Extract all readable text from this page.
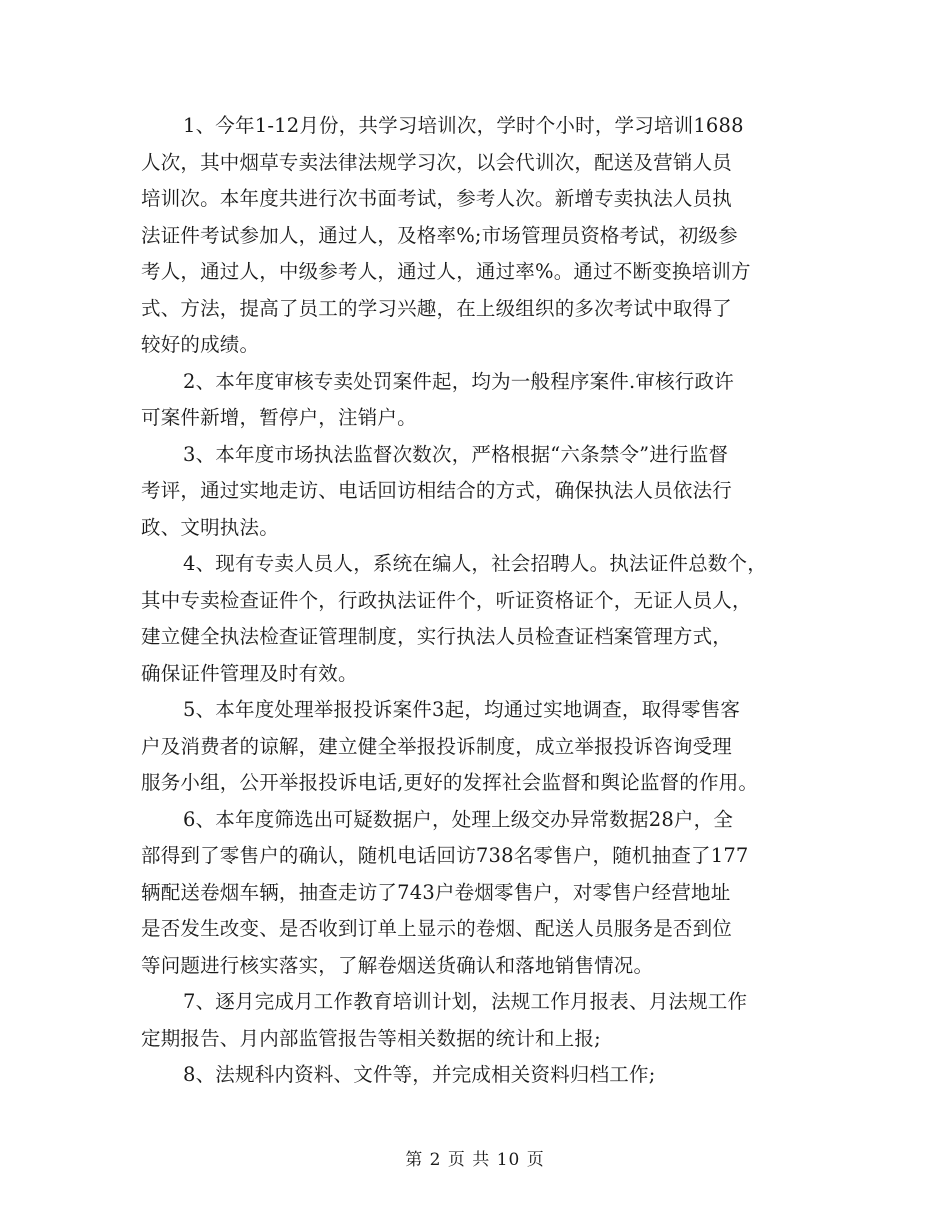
1、今年1-12月份，共学习培训次，学时个小时，学习培训1688
人次，其中烟草专卖法律法规学习次，以会代训次，配送及营销人员
培训次。本年度共进行次书面考试，参考人次。新增专卖执法人员执
法证件考试参加人，通过人，及格率%;市场管理员资格考试，初级参
考人，通过人，中级参考人，通过人，通过率%。通过不断变换培训方
式、方法，提高了员工的学习兴趣，在上级组织的多次考试中取得了
较好的成绩。
2、本年度审核专卖处罚案件起，均为一般程序案件.审核行政许
可案件新增，暂停户，注销户。
3、本年度市场执法监督次数次，严格根据“六条禁令”进行监督
考评，通过实地走访、电话回访相结合的方式，确保执法人员依法行
政、文明执法。
4、现有专卖人员人，系统在编人，社会招聘人。执法证件总数个，
其中专卖检查证件个，行政执法证件个，听证资格证个，无证人员人，
建立健全执法检查证管理制度，实行执法人员检查证档案管理方式，
确保证件管理及时有效。
5、本年度处理举报投诉案件3起，均通过实地调查，取得零售客
户及消费者的谅解，建立健全举报投诉制度，成立举报投诉咨询受理
服务小组，公开举报投诉电话,更好的发挥社会监督和舆论监督的作用。
6、本年度筛选出可疑数据户，处理上级交办异常数据28户，全
部得到了零售户的确认，随机电话回访738名零售户，随机抽查了177
辆配送卷烟车辆，抽查走访了743户卷烟零售户，对零售户经营地址
是否发生改变、是否收到订单上显示的卷烟、配送人员服务是否到位
等问题进行核实落实，了解卷烟送货确认和落地销售情况。
7、逐月完成月工作教育培训计划，法规工作月报表、月法规工作
定期报告、月内部监管报告等相关数据的统计和上报;
8、法规科内资料、文件等，并完成相关资料归档工作;
第 2 页 共 10 页
